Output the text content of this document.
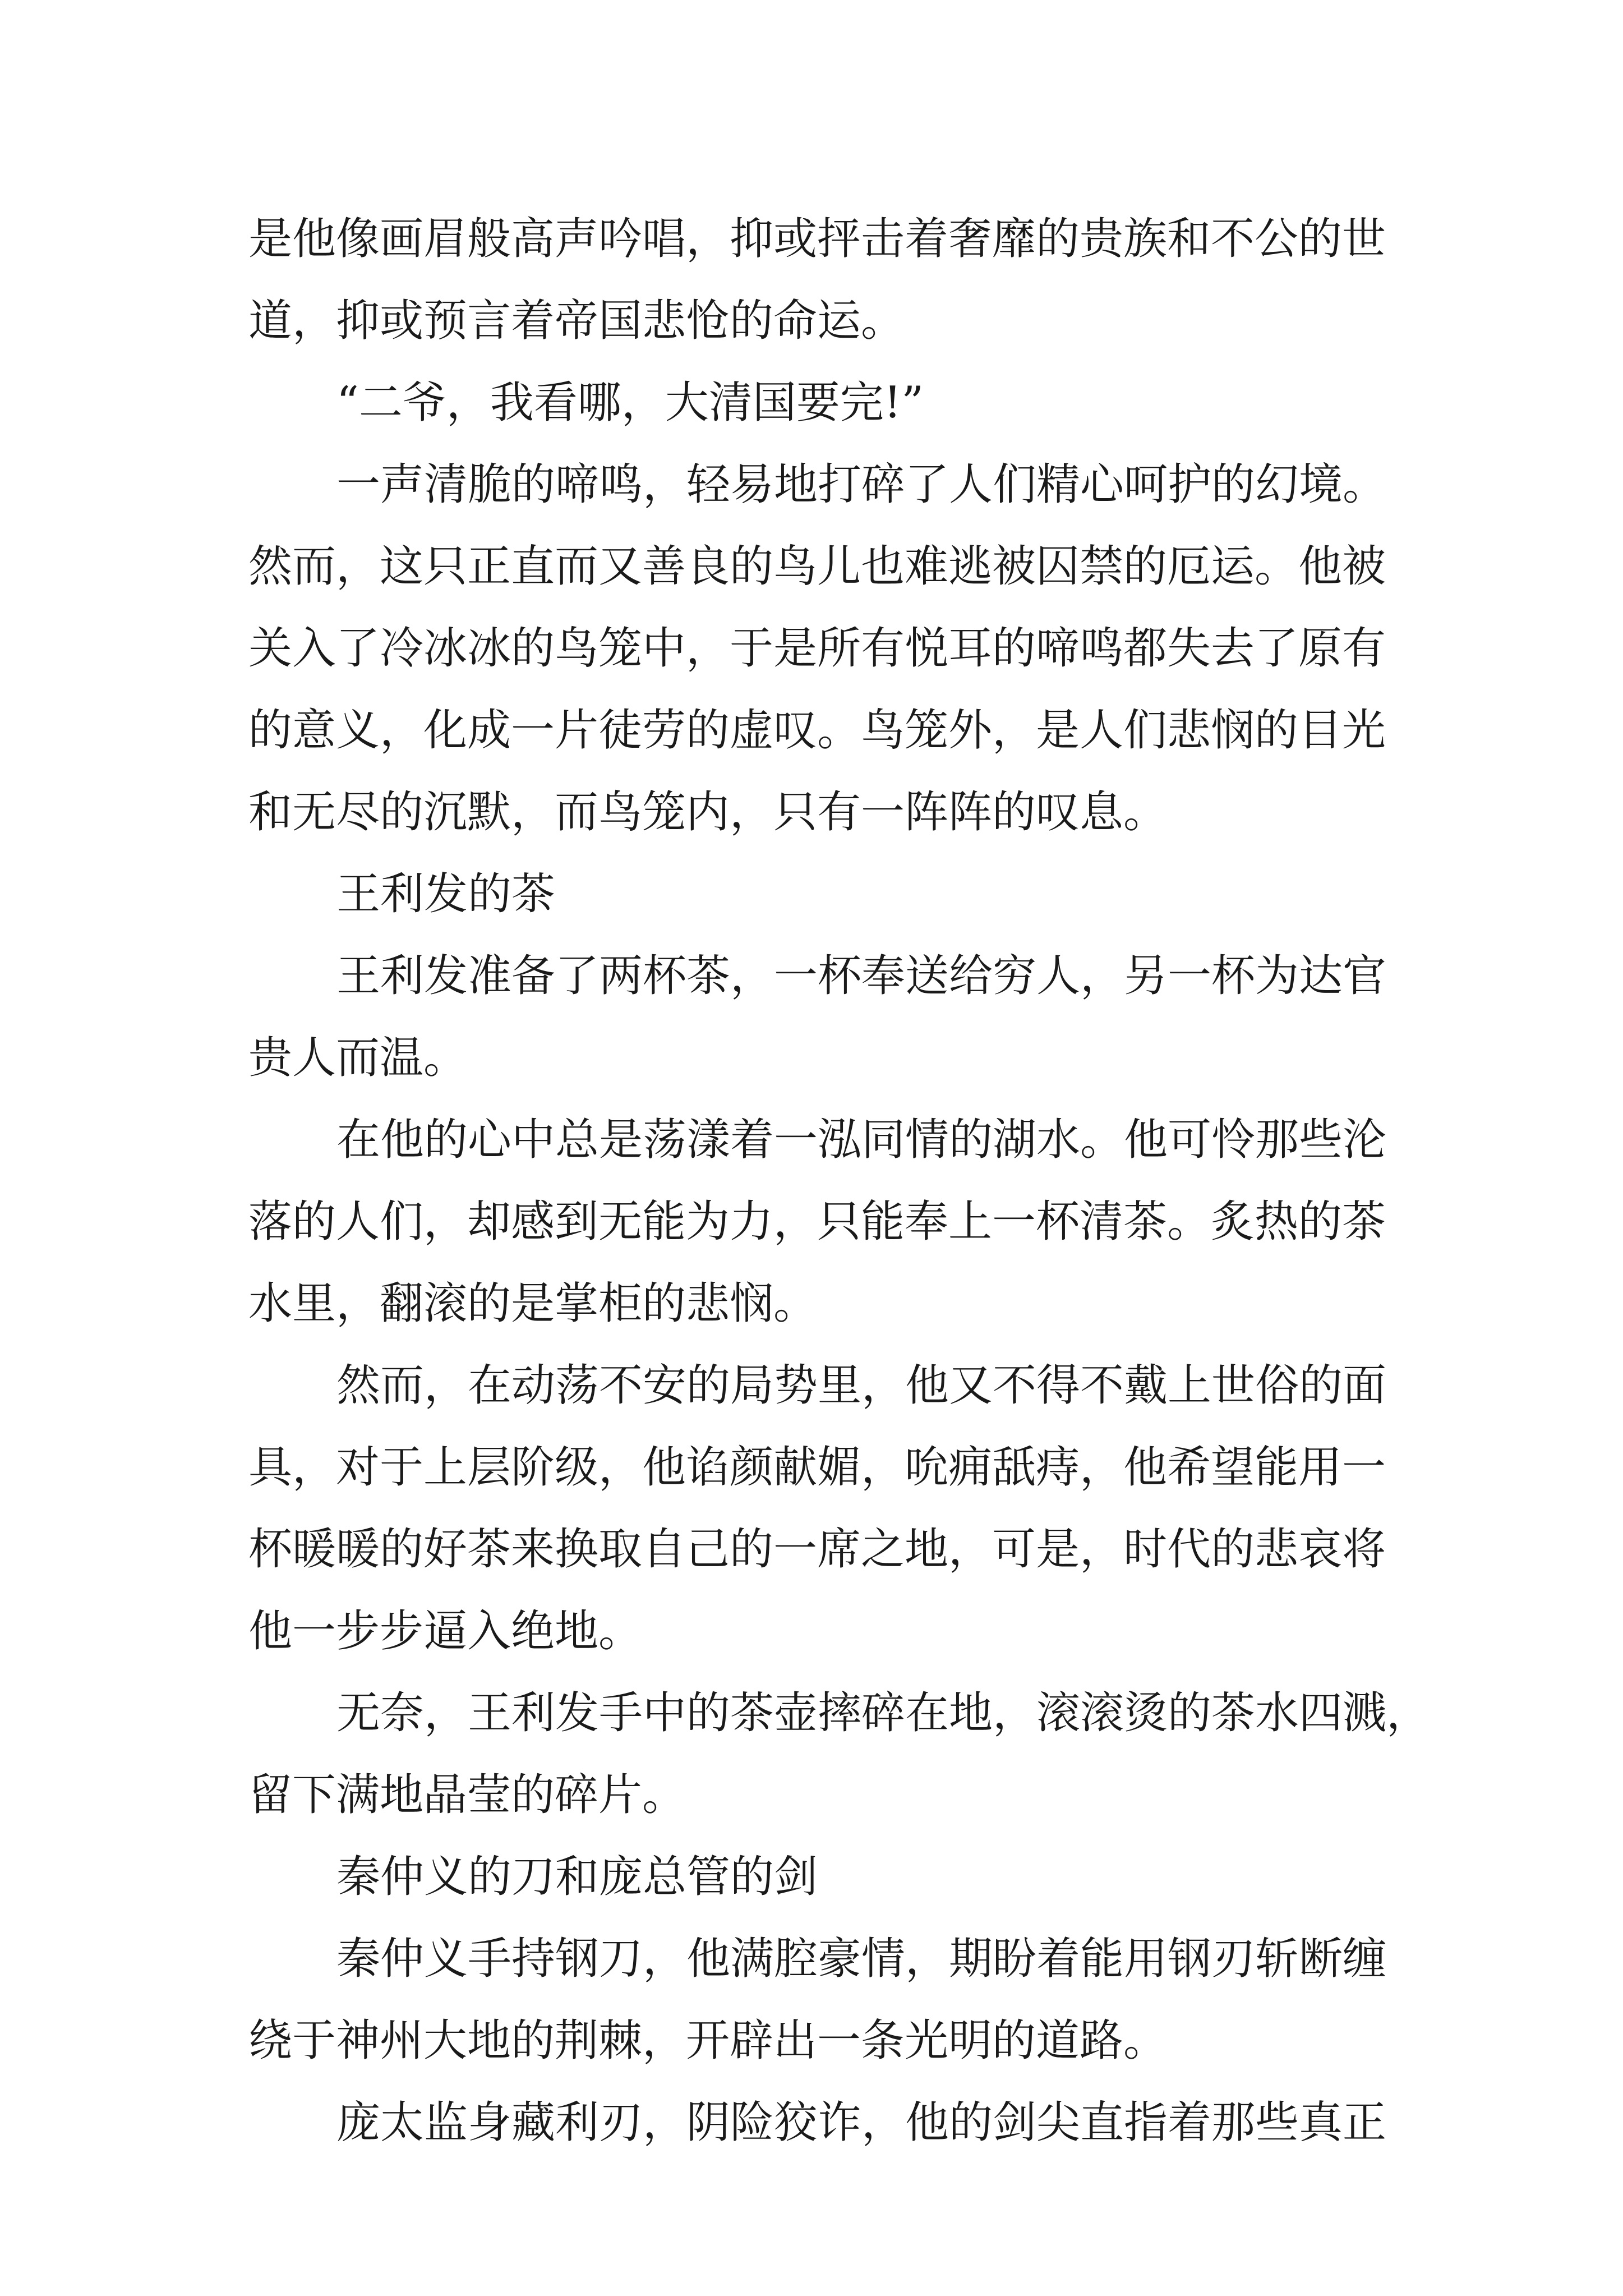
是他像画眉般高声吟唱，抑或抨击着奢靡的贵族和不公的世
道，抑或预言着帝国悲怆的命运。
“二爷，我看哪，大清国要完!”
一声清脆的啼鸣，轻易地打碎了人们精心呵护的幻境。
然而，这只正直而又善良的鸟儿也难逃被囚禁的厄运。他被
关入了冷冰冰的鸟笼中，于是所有悦耳的啼鸣都失去了原有
的意义，化成一片徒劳的虚叹。鸟笼外，是人们悲悯的目光
和无尽的沉默，而鸟笼内，只有一阵阵的叹息。
王利发的茶
王利发准备了两杯茶，一杯奉送给穷人，另一杯为达官
贵人而温。
在他的心中总是荡漾着一泓同情的湖水。他可怜那些沦
落的人们，却感到无能为力，只能奉上一杯清茶。炙热的茶
水里，翻滚的是掌柜的悲悯。
然而，在动荡不安的局势里，他又不得不戴上世俗的面
具，对于上层阶级，他谄颜献媚，吮痈舐痔，他希望能用一
杯暖暖的好茶来换取自己的一席之地，可是，时代的悲哀将
他一步步逼入绝地。
无奈，王利发手中的茶壶摔碎在地，滚滚烫的茶水四溅，
留下满地晶莹的碎片。
秦仲义的刀和庞总管的剑
秦仲义手持钢刀，他满腔豪情，期盼着能用钢刃斩断缠
绕于神州大地的荆棘，开辟出一条光明的道路。
庞太监身藏利刃，阴险狡诈，他的剑尖直指着那些真正
